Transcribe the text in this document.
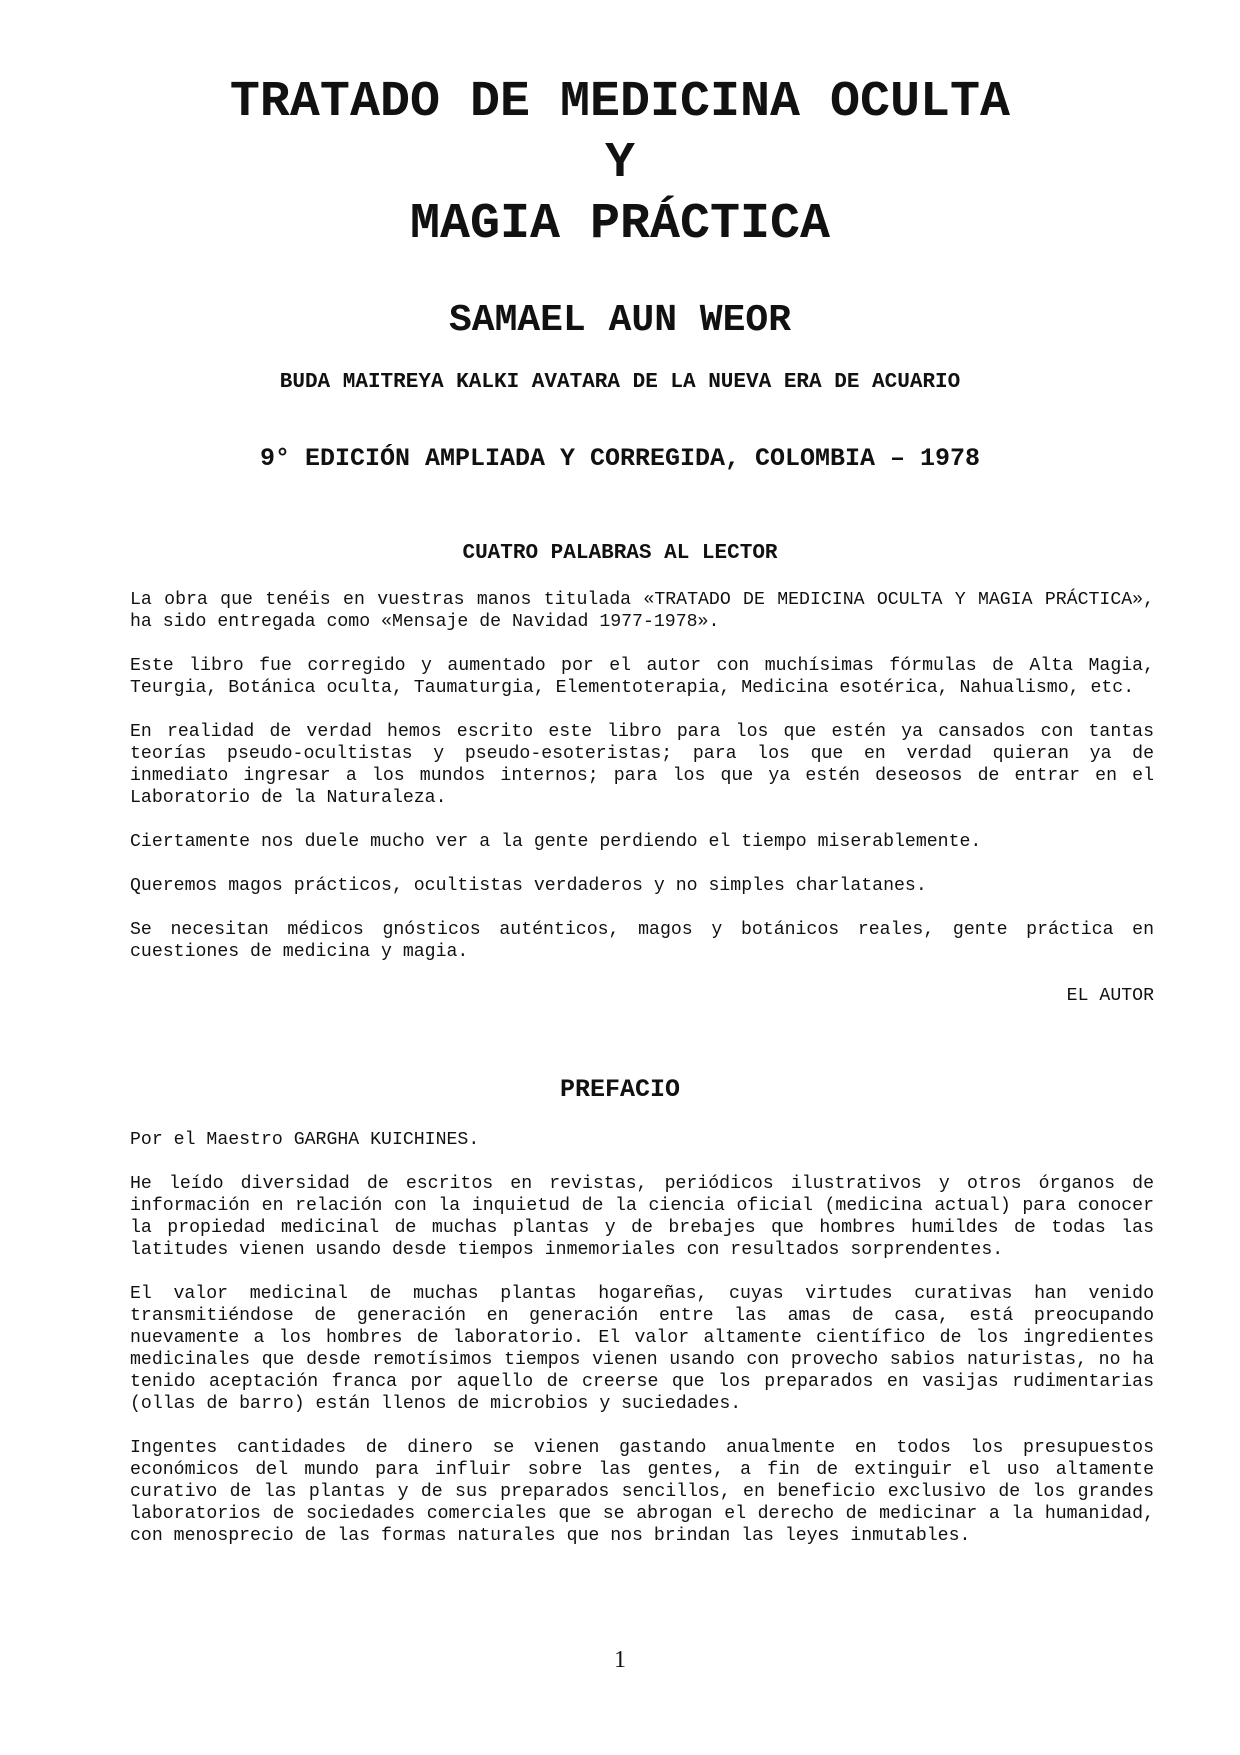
TRATADO DE MEDICINA OCULTA
Y
MAGIA PRÁCTICA
SAMAEL AUN WEOR
BUDA MAITREYA KALKI AVATARA DE LA NUEVA ERA DE ACUARIO
9° EDICIÓN AMPLIADA Y CORREGIDA, COLOMBIA – 1978
CUATRO PALABRAS AL LECTOR

La obra que tenéis en vuestras manos titulada «TRATADO DE MEDICINA OCULTA Y MAGIA PRÁCTICA», ha sido entregada como «Mensaje de Navidad 1977-1978».

Este libro fue corregido y aumentado por el autor con muchísimas fórmulas de Alta Magia, Teurgia, Botánica oculta, Taumaturgia, Elementoterapia, Medicina esotérica, Nahualismo, etc.

En realidad de verdad hemos escrito este libro para los que estén ya cansados con tantas teorías pseudo-ocultistas y pseudo-esoteristas; para los que en verdad quieran ya de inmediato ingresar a los mundos internos; para los que ya estén deseosos de entrar en el Laboratorio de la Naturaleza.

Ciertamente nos duele mucho ver a la gente perdiendo el tiempo miserablemente.

Queremos magos prácticos, ocultistas verdaderos y no simples charlatanes.

Se necesitan médicos gnósticos auténticos, magos y botánicos reales, gente práctica en cuestiones de medicina y magia.

EL AUTOR

PREFACIO

Por el Maestro GARGHA KUICHINES.

He leído diversidad de escritos en revistas, periódicos ilustrativos y otros órganos de información en relación con la inquietud de la ciencia oficial (medicina actual) para conocer la propiedad medicinal de muchas plantas y de brebajes que hombres humildes de todas las latitudes vienen usando desde tiempos inmemoriales con resultados sorprendentes.

El valor medicinal de muchas plantas hogareñas, cuyas virtudes curativas han venido transmitiéndose de generación en generación entre las amas de casa, está preocupando nuevamente a los hombres de laboratorio. El valor altamente científico de los ingredientes medicinales que desde remotísimos tiempos vienen usando con provecho sabios naturistas, no ha tenido aceptación franca por aquello de creerse que los preparados en vasijas rudimentarias (ollas de barro) están llenos de microbios y suciedades.

Ingentes cantidades de dinero se vienen gastando anualmente en todos los presupuestos económicos del mundo para influir sobre las gentes, a fin de extinguir el uso altamente curativo de las plantas y de sus preparados sencillos, en beneficio exclusivo de los grandes laboratorios de sociedades comerciales que se abrogan el derecho de medicinar a la humanidad, con menosprecio de las formas naturales que nos brindan las leyes inmutables.

1
